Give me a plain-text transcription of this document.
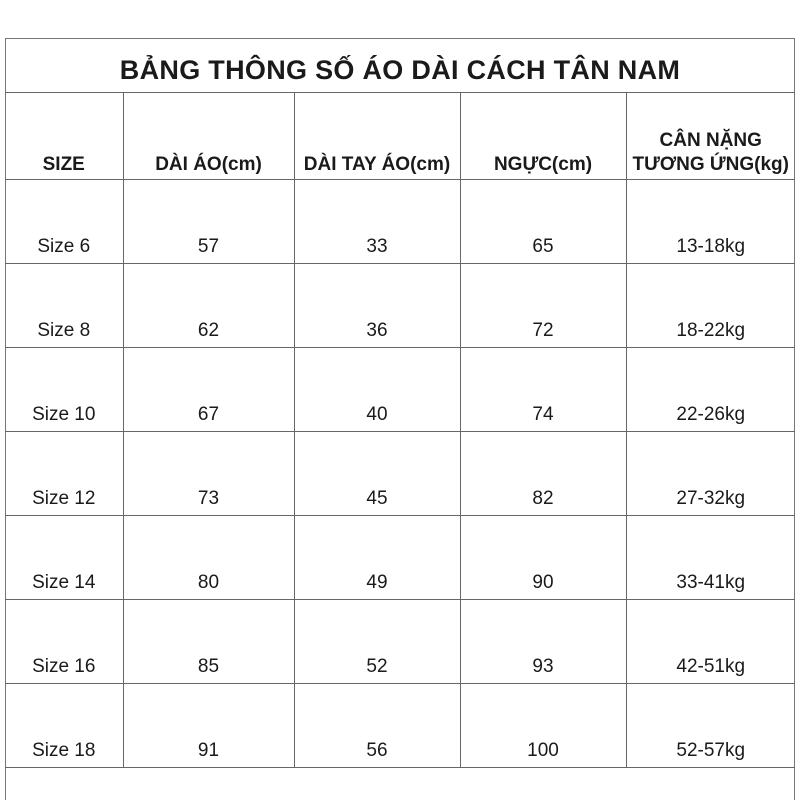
BẢNG THÔNG SỐ ÁO DÀI CÁCH TÂN NAM
SIZE	DÀI ÁO(cm)	DÀI TAY ÁO(cm)	NGỰC(cm)	CÂN NẶNG
TƯƠNG ỨNG(kg)

Size 6	57	33	65	13-18kg
Size 8	62	36	72	18-22kg
Size 10	67	40	74	22-26kg
Size 12	73	45	82	27-32kg
Size 14	80	49	90	33-41kg
Size 16	85	52	93	42-51kg
Size 18	91	56	100	52-57kg
